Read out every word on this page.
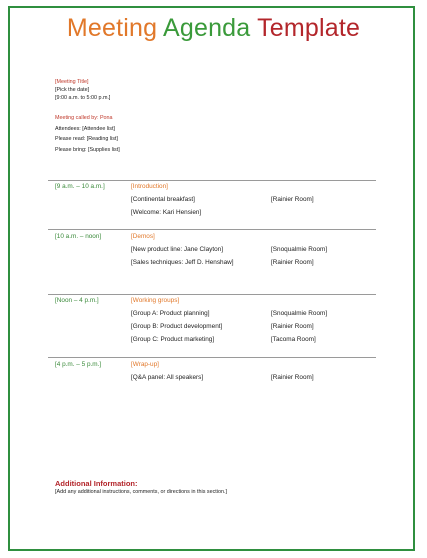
Meeting Agenda Template
[Meeting Title]
[Pick the date]
[9:00 a.m. to 5:00 p.m.]
Meeting called by: Pona
Attendees: [Attendee list]
Please read: [Reading list]
Please bring: [Supplies list]
[9 a.m. – 10 a.m.]	[Introduction]
[Continental breakfast]	[Rainier Room]
[Welcome: Kari Hensien]
[10 a.m. – noon]	[Demos]
[New product line: Jane Clayton]	[Snoqualmie Room]
[Sales techniques: Jeff D. Henshaw]	[Rainier Room]
[Noon – 4 p.m.]	[Working groups]
[Group A: Product planning]	[Snoqualmie Room]
[Group B: Product development]	[Rainier Room]
[Group C: Product marketing]	[Tacoma Room]
[4 p.m. – 5 p.m.]	[Wrap-up]
[Q&A panel: All speakers]	[Rainier Room]
Additional Information:
[Add any additional instructions, comments, or directions in this section.]
